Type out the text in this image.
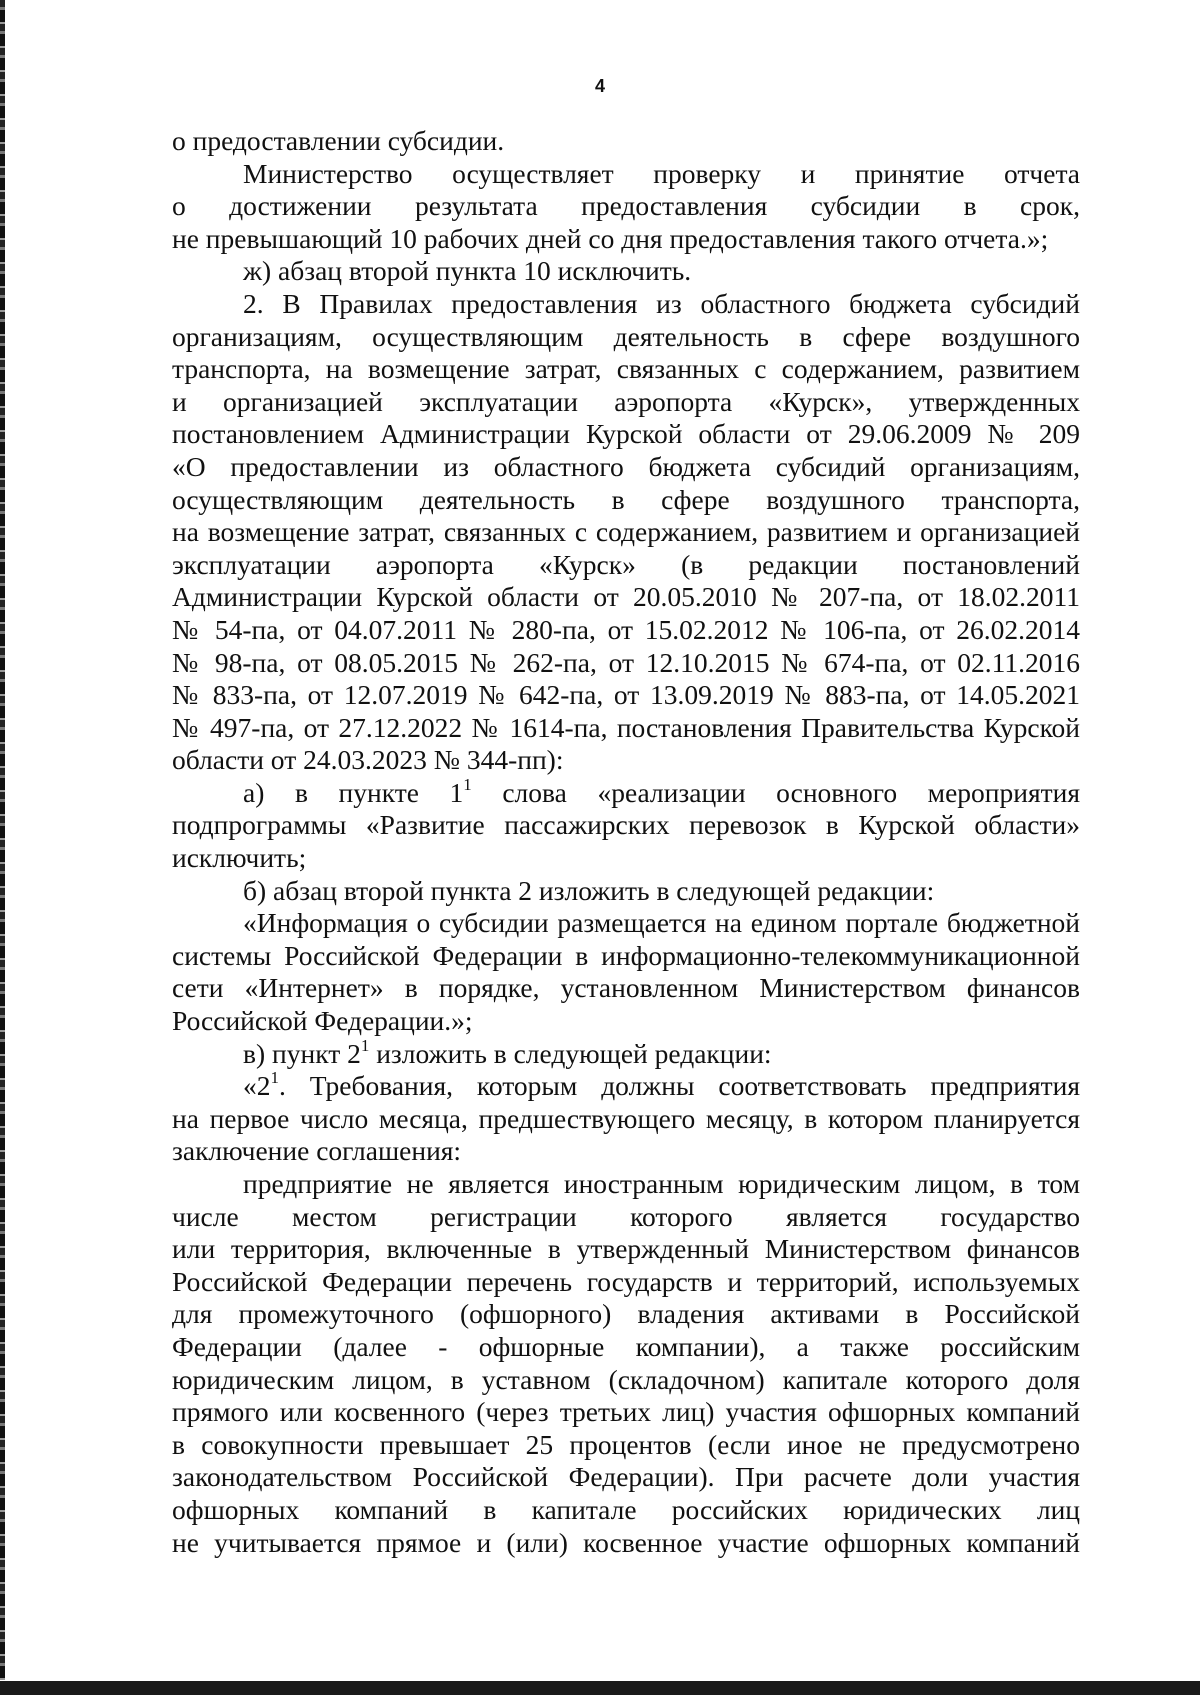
4
о предоставлении субсидии.
Министерство осуществляет проверку и принятие отчета
о достижении результата предоставления субсидии в срок,
не превышающий 10 рабочих дней со дня предоставления такого отчета.»;
ж) абзац второй пункта 10 исключить.
2. В Правилах предоставления из областного бюджета субсидий
организациям, осуществляющим деятельность в сфере воздушного
транспорта, на возмещение затрат, связанных с содержанием, развитием
и организацией эксплуатации аэропорта «Курск», утвержденных
постановлением Администрации Курской области от 29.06.2009 № 209
«О предоставлении из областного бюджета субсидий организациям,
осуществляющим деятельность в сфере воздушного транспорта,
на возмещение затрат, связанных с содержанием, развитием и организацией
эксплуатации аэропорта «Курск» (в редакции постановлений
Администрации Курской области от 20.05.2010 № 207-па, от 18.02.2011
№ 54-па, от 04.07.2011 № 280-па, от 15.02.2012 № 106-па, от 26.02.2014
№ 98-па, от 08.05.2015 № 262-па, от 12.10.2015 № 674-па, от 02.11.2016
№ 833-па, от 12.07.2019 № 642-па, от 13.09.2019 № 883-па, от 14.05.2021
№ 497-па, от 27.12.2022 № 1614-па, постановления Правительства Курской
области от 24.03.2023 № 344-пп):
а) в пункте $1^1$ слова «реализации основного мероприятия
подпрограммы «Развитие пассажирских перевозок в Курской области»
исключить;
б) абзац второй пункта 2 изложить в следующей редакции:
«Информация о субсидии размещается на едином портале бюджетной
системы Российской Федерации в информационно-телекоммуникационной
сети «Интернет» в порядке, установленном Министерством финансов
Российской Федерации.»;
в) пункт $2^1$ изложить в следующей редакции:
«$2^1$. Требования, которым должны соответствовать предприятия
на первое число месяца, предшествующего месяцу, в котором планируется
заключение соглашения:
предприятие не является иностранным юридическим лицом, в том
числе местом регистрации которого является государство
или территория, включенные в утвержденный Министерством финансов
Российской Федерации перечень государств и территорий, используемых
для промежуточного (офшорного) владения активами в Российской
Федерации (далее - офшорные компании), а также российским
юридическим лицом, в уставном (складочном) капитале которого доля
прямого или косвенного (через третьих лиц) участия офшорных компаний
в совокупности превышает 25 процентов (если иное не предусмотрено
законодательством Российской Федерации). При расчете доли участия
офшорных компаний в капитале российских юридических лиц
не учитывается прямое и (или) косвенное участие офшорных компаний
